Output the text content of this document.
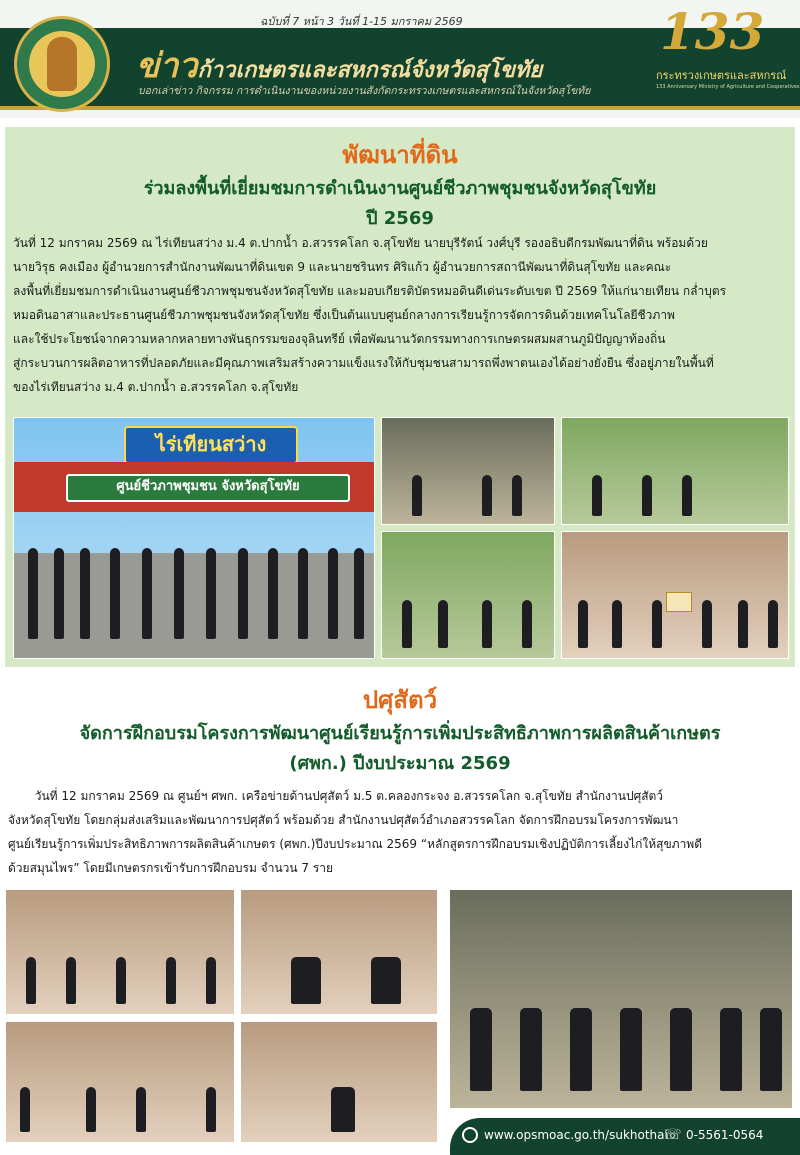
ฉบับที่ 7 หน้า 3 วันที่ 1-15 มกราคม 2569
ข่าวก้าวเกษตรและสหกรณ์จังหวัดสุโขทัย
บอกเล่าข่าว กิจกรรม การดำเนินงานของหน่วยงานสังกัดกระทรวงเกษตรและสหกรณ์ในจังหวัดสุโขทัย
133
กระทรวงเกษตรและสหกรณ์
133 Anniversary Ministry of Agriculture and Cooperatives
พัฒนาที่ดิน
ร่วมลงพื้นที่เยี่ยมชมการดำเนินงานศูนย์ชีวภาพชุมชนจังหวัดสุโขทัย
ปี 2569
วันที่ 12 มกราคม 2569 ณ ไร่เทียนสว่าง ม.4 ต.ปากน้ำ อ.สวรรคโลก จ.สุโขทัย นายบุรีรัตน์ วงศ์บุรี รองอธิบดีกรมพัฒนาที่ดิน พร้อมด้วย
นายวิรุธ คงเมือง ผู้อำนวยการสำนักงานพัฒนาที่ดินเขต 9 และนายชรินทร ศิริแก้ว ผู้อำนวยการสถานีพัฒนาที่ดินสุโขทัย และคณะ
ลงพื้นที่เยี่ยมชมการดำเนินงานศูนย์ชีวภาพชุมชนจังหวัดสุโขทัย และมอบเกียรติบัตรหมอดินดีเด่นระดับเขต ปี 2569 ให้แก่นายเทียน กล่ำบุตร
หมอดินอาสาและประธานศูนย์ชีวภาพชุมชนจังหวัดสุโขทัย ซึ่งเป็นต้นแบบศูนย์กลางการเรียนรู้การจัดการดินด้วยเทคโนโลยีชีวภาพ
และใช้ประโยชน์จากความหลากหลายทางพันธุกรรมของจุลินทรีย์ เพื่อพัฒนานวัตกรรมทางการเกษตรผสมผสานภูมิปัญญาท้องถิ่น
สู่กระบวนการผลิตอาหารที่ปลอดภัยและมีคุณภาพเสริมสร้างความแข็งแรงให้กับชุมชนสามารถพึ่งพาตนเองได้อย่างยั่งยืน ซึ่งอยู่ภายในพื้นที่
ของไร่เทียนสว่าง ม.4 ต.ปากน้ำ อ.สวรรคโลก จ.สุโขทัย
ไร่เทียนสว่าง
ศูนย์ชีวภาพชุมชน จังหวัดสุโขทัย
ปศุสัตว์
จัดการฝึกอบรมโครงการพัฒนาศูนย์เรียนรู้การเพิ่มประสิทธิภาพการผลิตสินค้าเกษตร
(ศพก.) ปีงบประมาณ 2569
วันที่ 12 มกราคม 2569 ณ ศูนย์ฯ ศพก. เครือข่ายด้านปศุสัตว์ ม.5 ต.คลองกระจง อ.สวรรคโลก จ.สุโขทัย สำนักงานปศุสัตว์
จังหวัดสุโขทัย โดยกลุ่มส่งเสริมและพัฒนาการปศุสัตว์ พร้อมด้วย สำนักงานปศุสัตว์อำเภอสวรรคโลก จัดการฝึกอบรมโครงการพัฒนา
ศูนย์เรียนรู้การเพิ่มประสิทธิภาพการผลิตสินค้าเกษตร (ศพก.)ปีงบประมาณ 2569 “หลักสูตรการฝึกอบรมเชิงปฏิบัติการเลี้ยงไก่ให้สุขภาพดี
ด้วยสมุนไพร” โดยมีเกษตรกรเข้ารับการฝึกอบรม จำนวน 7 ราย
www.opsmoac.go.th/sukhothai
☏ 0-5561-0564
